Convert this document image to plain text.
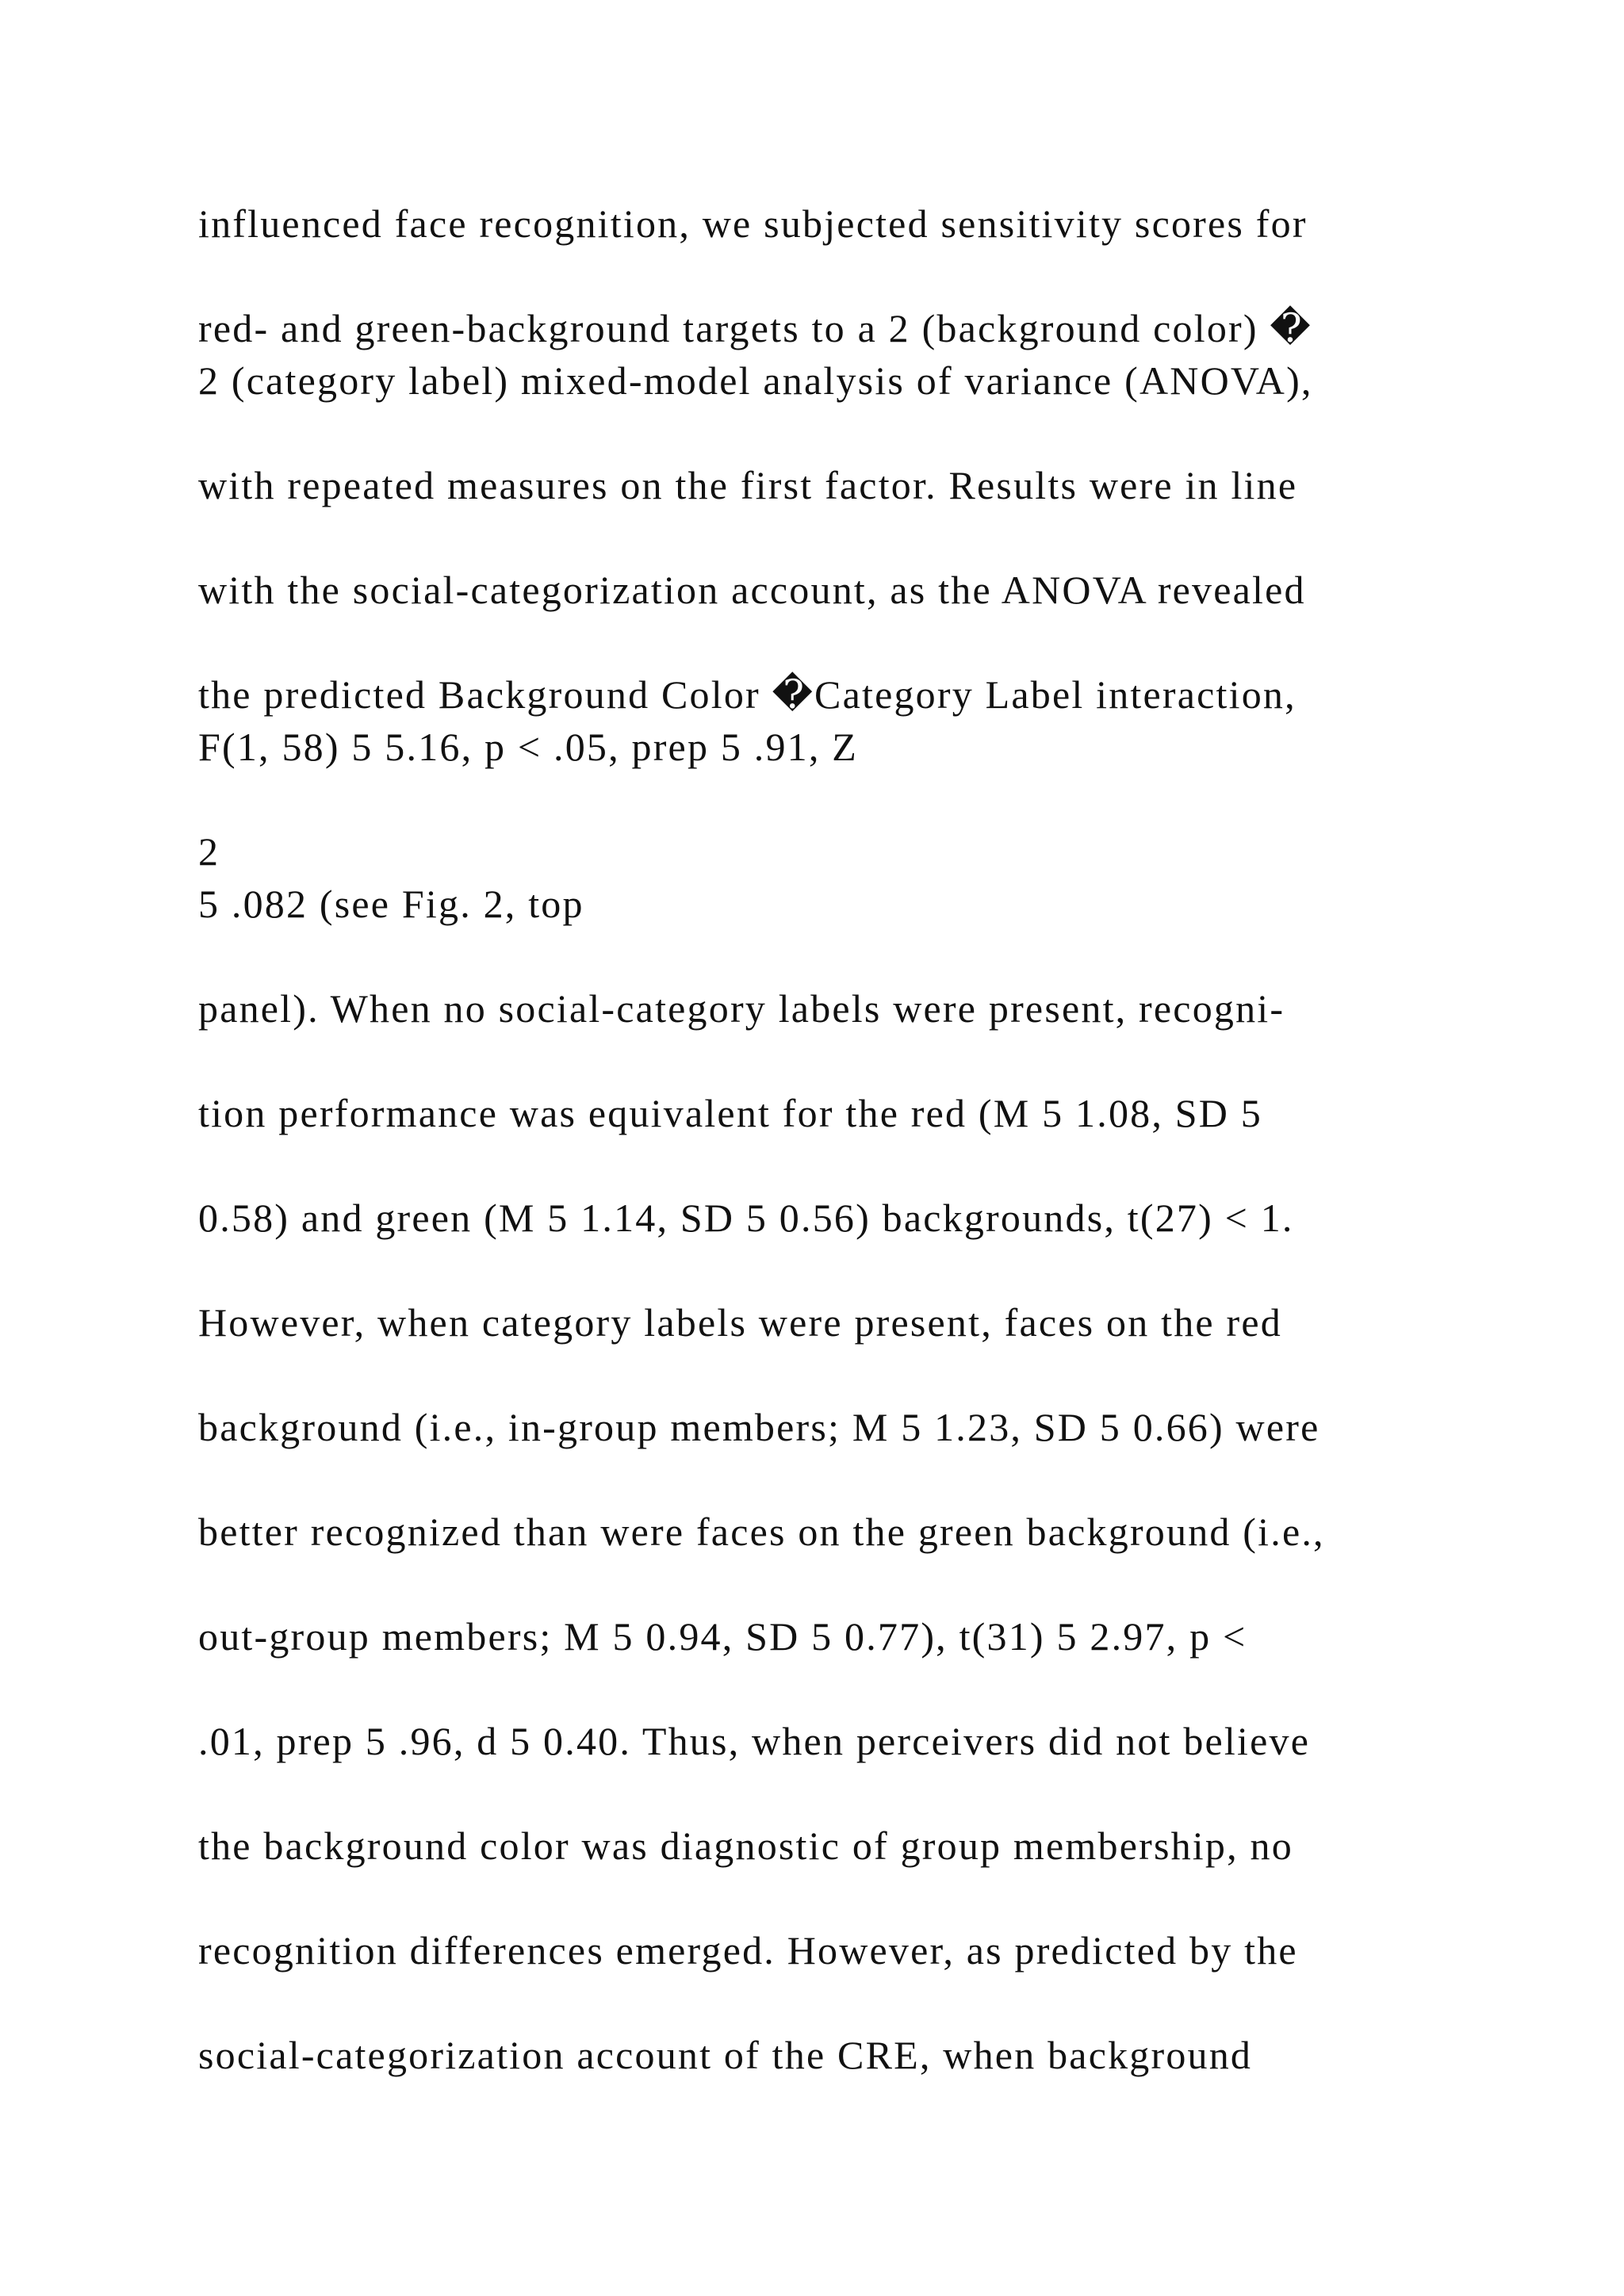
influenced face recognition, we subjected sensitivity scores for
red- and green-background targets to a 2 (background color) �
2 (category label) mixed-model analysis of variance (ANOVA),
with repeated measures on the first factor. Results were in line
with the social-categorization account, as the ANOVA revealed
the predicted Background Color �Category Label interaction,
F(1, 58) 5 5.16, p < .05, prep 5 .91, Z
2
5 .082 (see Fig. 2, top
panel). When no social-category labels were present, recogni-
tion performance was equivalent for the red (M 5 1.08, SD 5
0.58) and green (M 5 1.14, SD 5 0.56) backgrounds, t(27) < 1.
However, when category labels were present, faces on the red
background (i.e., in-group members; M 5 1.23, SD 5 0.66) were
better recognized than were faces on the green background (i.e.,
out-group members; M 5 0.94, SD 5 0.77), t(31) 5 2.97, p <
.01, prep 5 .96, d 5 0.40. Thus, when perceivers did not believe
the background color was diagnostic of group membership, no
recognition differences emerged. However, as predicted by the
social-categorization account of the CRE, when background
